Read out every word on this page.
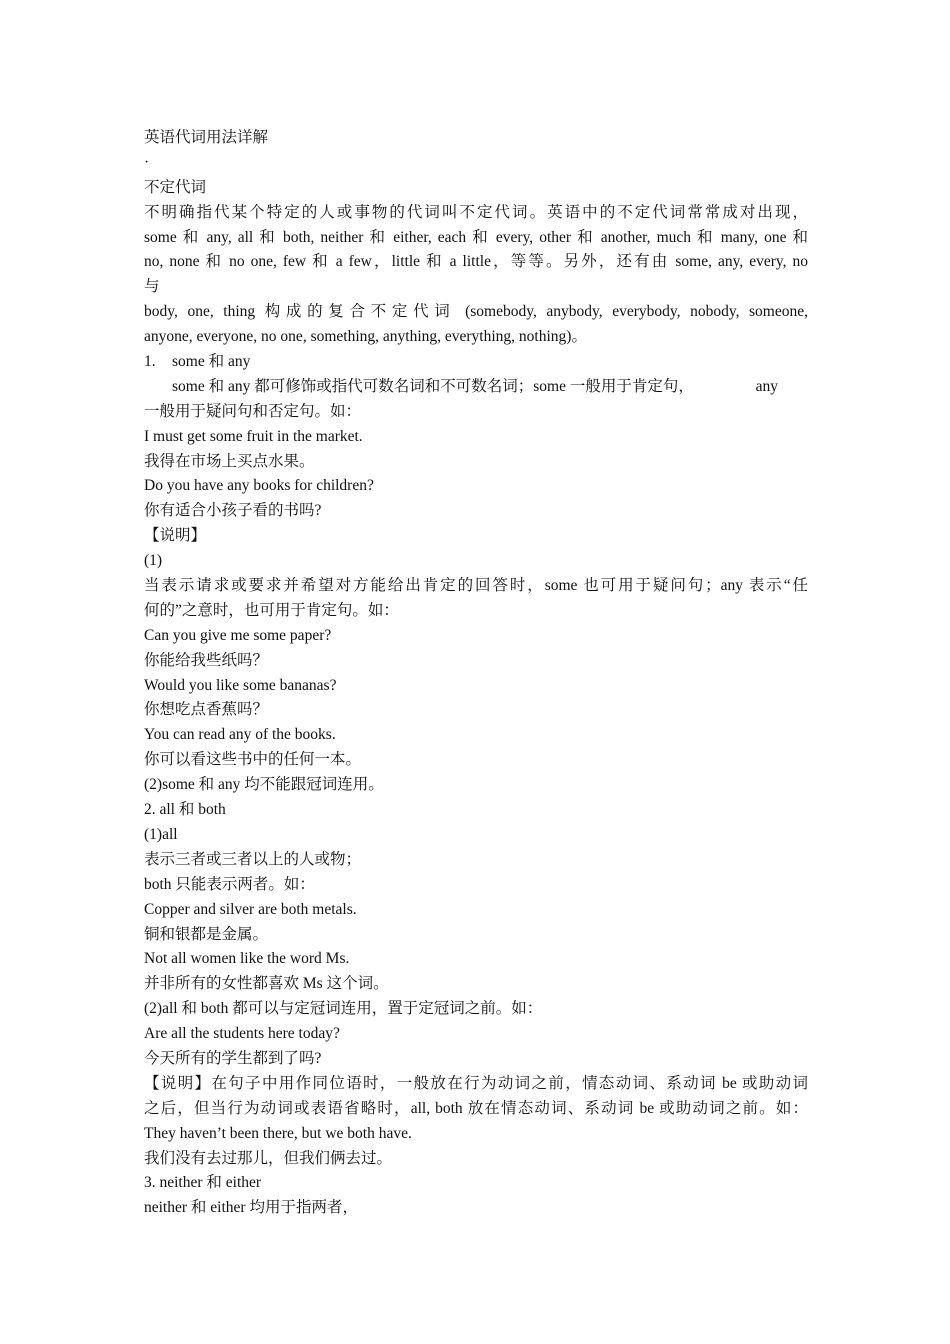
英语代词用法详解
·
不定代词
不明确指代某个特定的人或事物的代词叫不定代词。英语中的不定代词常常成对出现，
some 和 any, all 和 both, neither 和 either, each 和 every, other 和 another, much 和 many, one 和
no, none 和 no one, few 和 a few，little 和 a little，等等。另外，还有由 some, any, every, no
与
body, one, thing 构成的复合不定代词 (somebody, anybody, everybody, nobody, someone,
anyone, everyone, no one, something, anything, everything, nothing)。
1.	some 和 any
some 和 any 都可修饰或指代可数名词和不可数名词；some 一般用于肯定句，	any
一般用于疑问句和否定句。如：
I must get some fruit in the market.
我得在市场上买点水果。
Do you have any books for children?
你有适合小孩子看的书吗?
【说明】
(1)
当表示请求或要求并希望对方能给出肯定的回答时，some 也可用于疑问句；any 表示“任
何的”之意时，也可用于肯定句。如：
Can you give me some paper?
你能给我些纸吗？
Would you like some bananas?
你想吃点香蕉吗？
You can read any of the books.
你可以看这些书中的任何一本。
(2)some 和 any 均不能跟冠词连用。
2. all 和 both
(1)all
表示三者或三者以上的人或物；
both 只能表示两者。如：
Copper and silver are both metals.
铜和银都是金属。
Not all women like the word Ms.
并非所有的女性都喜欢 Ms 这个词。
(2)all 和 both 都可以与定冠词连用，置于定冠词之前。如：
Are all the students here today?
今天所有的学生都到了吗?
【说明】在句子中用作同位语时，一般放在行为动词之前，情态动词、系动词 be 或助动词
之后，但当行为动词或表语省略时，all, both 放在情态动词、系动词 be 或助动词之前。如：
They haven’t been there, but we both have.
我们没有去过那儿，但我们俩去过。
3. neither 和 either
neither 和 either 均用于指两者，
